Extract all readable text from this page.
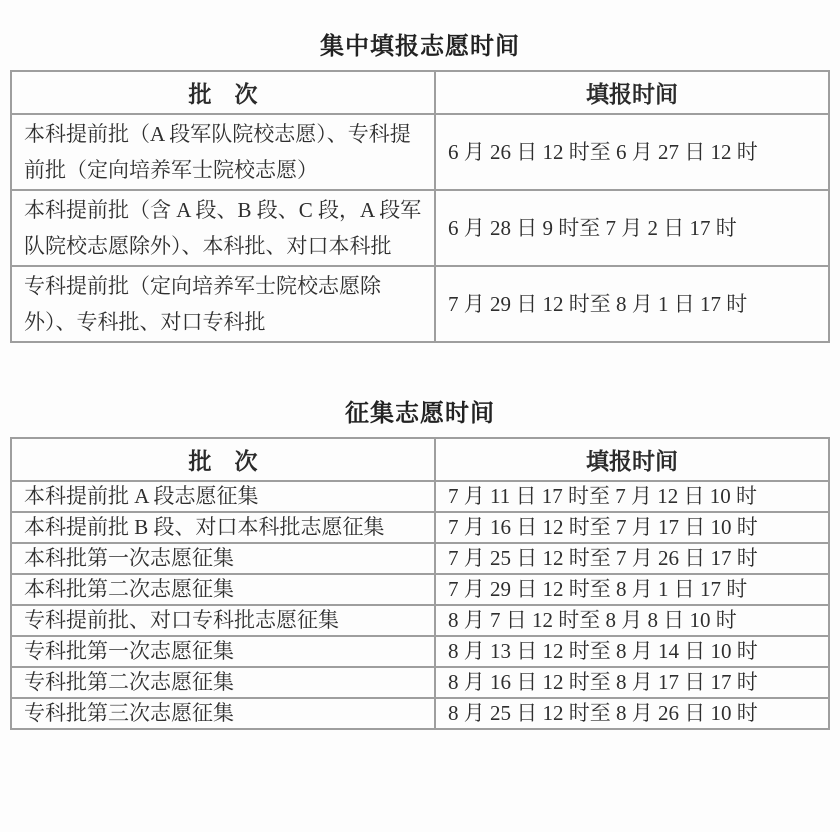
集中填报志愿时间
批　次	填报时间
本科提前批（A 段军队院校志愿）、专科提前批（定向培养军士院校志愿）	6 月 26 日 12 时至 6 月 27 日 12 时
本科提前批（含 A 段、B 段、C 段，A 段军队院校志愿除外）、本科批、对口本科批	6 月 28 日 9 时至 7 月 2 日 17 时
专科提前批（定向培养军士院校志愿除外）、专科批、对口专科批	7 月 29 日 12 时至 8 月 1 日 17 时
征集志愿时间
批　次	填报时间
本科提前批 A 段志愿征集	7 月 11 日 17 时至 7 月 12 日 10 时
本科提前批 B 段、对口本科批志愿征集	7 月 16 日 12 时至 7 月 17 日 10 时
本科批第一次志愿征集	7 月 25 日 12 时至 7 月 26 日 17 时
本科批第二次志愿征集	7 月 29 日 12 时至 8 月 1 日 17 时
专科提前批、对口专科批志愿征集	8 月 7 日 12 时至 8 月 8 日 10 时
专科批第一次志愿征集	8 月 13 日 12 时至 8 月 14 日 10 时
专科批第二次志愿征集	8 月 16 日 12 时至 8 月 17 日 17 时
专科批第三次志愿征集	8 月 25 日 12 时至 8 月 26 日 10 时
